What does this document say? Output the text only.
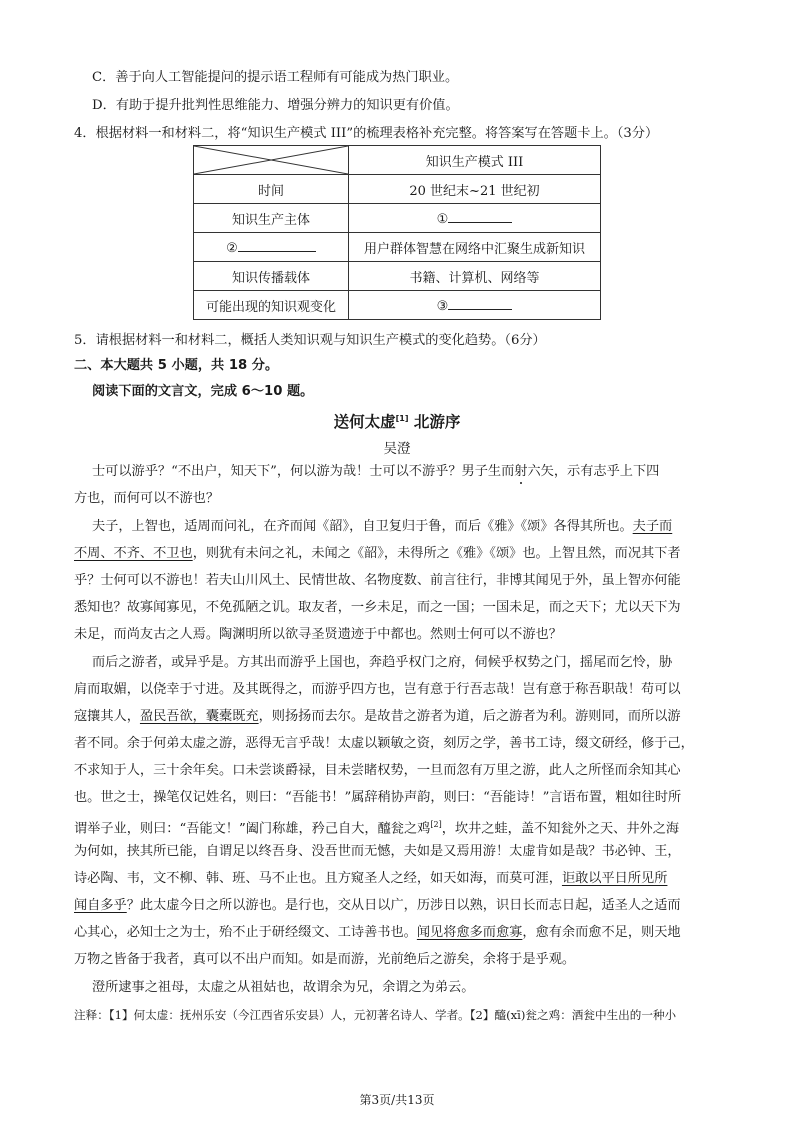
C．善于向人工智能提问的提示语工程师有可能成为热门职业。
D．有助于提升批判性思维能力、增强分辨力的知识更有价值。
4．根据材料一和材料二，将“知识生产模式 III”的梳理表格补充完整。将答案写在答题卡上。（3分）
	知识生产模式 III
时间	20 世纪末~21 世纪初
知识生产主体	①
②	用户群体智慧在网络中汇聚生成新知识
知识传播载体	书籍、计算机、网络等
可能出现的知识观变化	③
5．请根据材料一和材料二，概括人类知识观与知识生产模式的变化趋势。（6分）
二、本大题共 5 小题，共 18 分。
阅读下面的文言文，完成 6～10 题。
送何太虚[1] 北游序
吴澄
士可以游乎？“不出户，知天下”，何以游为哉！士可以不游乎？男子生而射六矢，示有志乎上下四
方也，而何可以不游也？
夫子，上智也，适周而问礼，在齐而闻《韶》，自卫复归于鲁，而后《雅》《颂》各得其所也。夫子而
不周、不齐、不卫也，则犹有未问之礼，未闻之《韶》，未得所之《雅》《颂》也。上智且然，而况其下者
乎？士何可以不游也！若夫山川风土、民情世故、名物度数、前言往行，非博其闻见于外，虽上智亦何能
悉知也？故寡闻寡见，不免孤陋之讥。取友者，一乡未足，而之一国；一国未足，而之天下；尤以天下为
未足，而尚友古之人焉。陶渊明所以欲寻圣贤遗迹于中都也。然则士何可以不游也？
而后之游者，或异乎是。方其出而游乎上国也，奔趋乎权门之府，伺候乎权势之门，摇尾而乞怜，胁
肩而取媚，以侥幸于寸进。及其既得之，而游乎四方也，岂有意于行吾志哉！岂有意于称吾职哉！苟可以
寇攘其人，盈民吾欲，囊橐既充，则扬扬而去尔。是故昔之游者为道，后之游者为利。游则同，而所以游
者不同。余于何弟太虚之游，恶得无言乎哉！太虚以颖敏之资，刻厉之学，善书工诗，缀文研经，修于己，
不求知于人，三十余年矣。口未尝谈爵禄，目未尝睹权势，一旦而忽有万里之游，此人之所怪而余知其心
也。世之士，操笔仅记姓名，则曰：“吾能书！”属辞稍协声韵，则曰：“吾能诗！”言语布置，粗如往时所
谓举子业，则曰：“吾能文！”阖门称雄，矜己自大，醯瓮之鸡[2]，坎井之蛙，盖不知瓮外之天、井外之海
为何如，挟其所已能，自谓足以终吾身、没吾世而无憾，夫如是又焉用游！太虚肯如是哉？书必钟、王，
诗必陶、韦，文不柳、韩、班、马不止也。且方窥圣人之经，如天如海，而莫可涯，讵敢以平日所见所
闻自多乎？此太虚今日之所以游也。是行也，交从日以广，历涉日以熟，识日长而志日起，适圣人之适而
心其心，必知士之为士，殆不止于研经缀文、工诗善书也。闻见将愈多而愈寡，愈有余而愈不足，则天地
万物之皆备于我者，真可以不出户而知。如是而游，光前绝后之游矣，余将于是乎观。
澄所逮事之祖母，太虚之从祖姑也，故谓余为兄，余谓之为弟云。
注释：【1】何太虚：抚州乐安（今江西省乐安县）人，元初著名诗人、学者。【2】醯(xī)瓮之鸡：酒瓮中生出的一种小
第3页/共13页
